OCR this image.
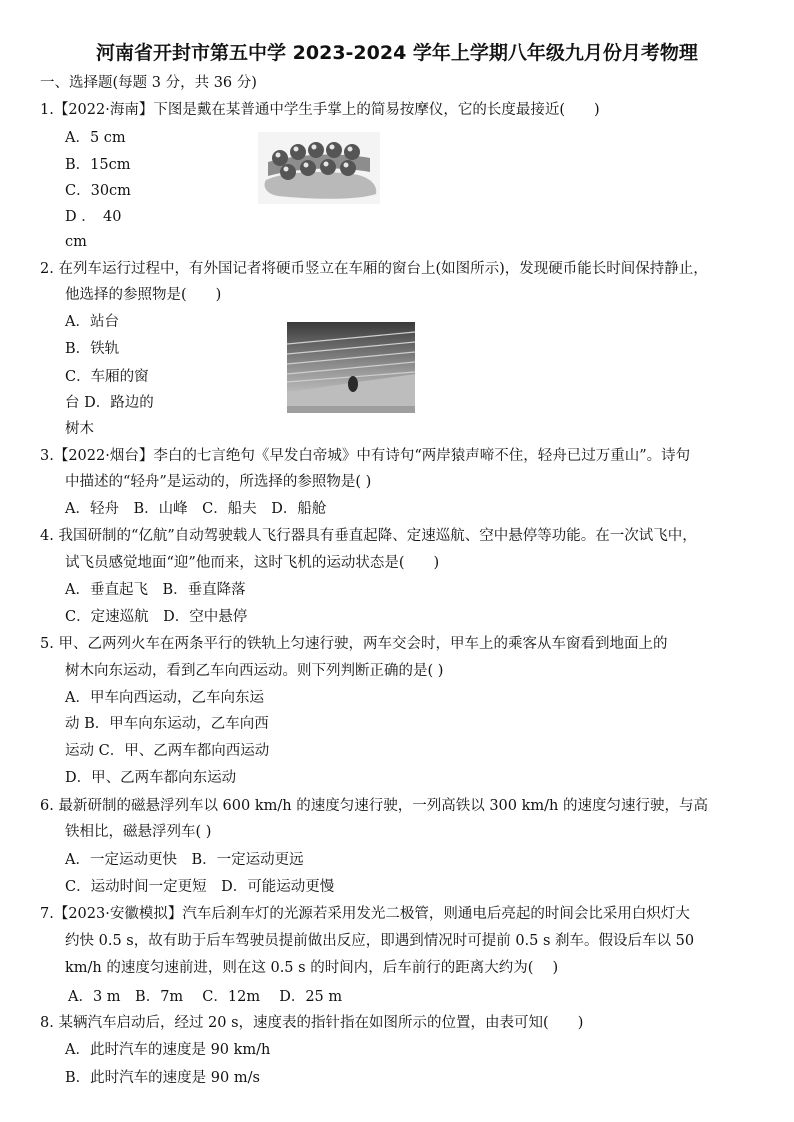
河南省开封市第五中学 2023-2024 学年上学期八年级九月份月考物理
一、选择题(每题 3 分，共 36 分)
1.【2022·海南】下图是戴在某普通中学生手掌上的简易按摩仪，它的长度最接近(　　)
A．5 cm
B．15cm
C．30cm
D ．　40
cm
2. 在列车运行过程中，有外国记者将硬币竖立在车厢的窗台上(如图所示)，发现硬币能长时间保持静止，
他选择的参照物是(　　)
A．站台
B．铁轨
C．车厢的窗
台 D．路边的
树木
3.【2022·烟台】李白的七言绝句《早发白帝城》中有诗句“两岸猿声啼不住，轻舟已过万重山”。诗句
中描述的“轻舟”是运动的，所选择的参照物是( )
A．轻舟　B．山峰　C．船夫　D．船舱
4. 我国研制的“亿航”自动驾驶载人飞行器具有垂直起降、定速巡航、空中悬停等功能。在一次试飞中，
试飞员感觉地面“迎”他而来，这时飞机的运动状态是(　　)
A．垂直起飞　B．垂直降落
C．定速巡航　D．空中悬停
5. 甲、乙两列火车在两条平行的铁轨上匀速行驶，两车交会时，甲车上的乘客从车窗看到地面上的
树木向东运动，看到乙车向西运动。则下列判断正确的是( )
A．甲车向西运动，乙车向东运
动 B．甲车向东运动，乙车向西
运动 C．甲、乙两车都向西运动
D．甲、乙两车都向东运动
6. 最新研制的磁悬浮列车以 600 km/h 的速度匀速行驶，一列高铁以 300 km/h 的速度匀速行驶，与高
铁相比，磁悬浮列车( )
A．一定运动更快　B．一定运动更远
C．运动时间一定更短　D．可能运动更慢
7.【2023·安徽模拟】汽车后刹车灯的光源若采用发光二极管，则通电后亮起的时间会比采用白炽灯大
约快 0.5 s，故有助于后车驾驶员提前做出反应，即遇到情况时可提前 0.5 s 刹车。假设后车以 50
km/h 的速度匀速前进，则在这 0.5 s 的时间内，后车前行的距离大约为(　 )
A．3 m　B．7m　 C．12m　 D．25 m
8. 某辆汽车启动后，经过 20 s，速度表的指针指在如图所示的位置，由表可知(　　)
A．此时汽车的速度是 90 km/h
B．此时汽车的速度是 90 m/s
